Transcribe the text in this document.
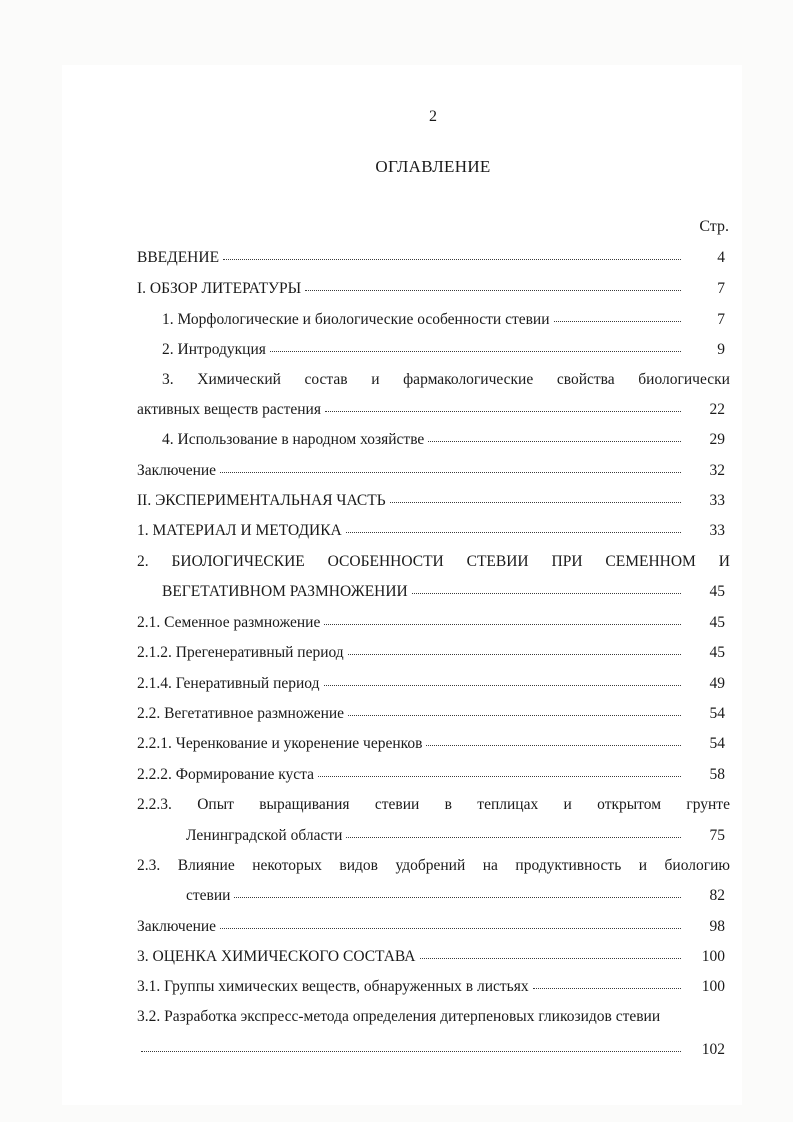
2
ОГЛАВЛЕНИЕ
Стр.
ВВЕДЕНИЕ	4
I. ОБЗОР ЛИТЕРАТУРЫ	7
1. Морфологические и биологические особенности стевии	7
2. Интродукция	9
3. Химический состав и фармакологические свойства биологически
активных веществ растения	22
4. Использование в народном хозяйстве	29
Заключение	32
II. ЭКСПЕРИМЕНТАЛЬНАЯ ЧАСТЬ	33
1. МАТЕРИАЛ И МЕТОДИКА	33
2. БИОЛОГИЧЕСКИЕ ОСОБЕННОСТИ СТЕВИИ ПРИ СЕМЕННОМ И
ВЕГЕТАТИВНОМ РАЗМНОЖЕНИИ	45
2.1. Семенное размножение	45
2.1.2. Прегенеративный период	45
2.1.4. Генеративный период	49
2.2. Вегетативное размножение	54
2.2.1. Черенкование и укоренение черенков	54
2.2.2. Формирование куста	58
2.2.3. Опыт выращивания стевии в теплицах и открытом грунте
Ленинградской области	75
2.3. Влияние некоторых видов удобрений на продуктивность и биологию
стевии	82
Заключение	98
3. ОЦЕНКА ХИМИЧЕСКОГО СОСТАВА	100
3.1. Группы химических веществ, обнаруженных в листьях	100
3.2. Разработка экспресс-метода определения дитерпеновых гликозидов стевии
102
